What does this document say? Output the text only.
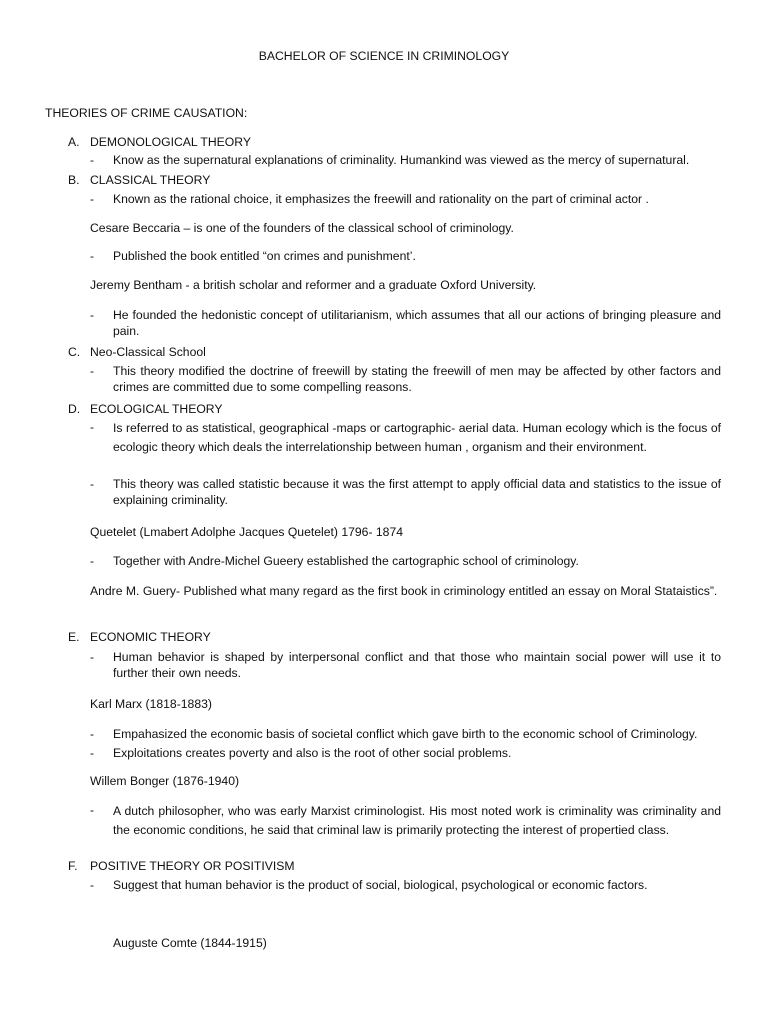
BACHELOR OF SCIENCE IN CRIMINOLOGY
THEORIES OF CRIME CAUSATION:
A. DEMONOLOGICAL THEORY
- Know as the supernatural explanations of criminality. Humankind was viewed as the mercy of supernatural.
B. CLASSICAL THEORY
- Known as the rational choice, it emphasizes the freewill and rationality on the part of criminal actor .
Cesare Beccaria – is one of the founders of the classical school of criminology.
- Published the book entitled “on crimes and punishment’.
Jeremy Bentham - a british scholar and reformer and a graduate Oxford University.
- He founded the hedonistic concept of utilitarianism, which assumes that all our actions of bringing pleasure and pain.
C. Neo-Classical School
- This theory modified the doctrine of freewill by stating the freewill of men may be affected by other factors and crimes are committed due to some compelling reasons.
D. ECOLOGICAL THEORY
- Is referred to as statistical, geographical -maps or cartographic- aerial data. Human ecology which is the focus of ecologic theory which deals the interrelationship between human , organism and their environment.
- This theory was called statistic because it was the first attempt to apply official data and statistics to the issue of explaining criminality.
Quetelet (Lmabert Adolphe Jacques Quetelet) 1796- 1874
- Together with Andre-Michel Gueery established the cartographic school of criminology.
Andre M. Guery- Published what many regard as the first book in criminology entitled an essay on Moral Stataistics”.
E. ECONOMIC THEORY
- Human behavior is shaped by interpersonal conflict and that those who maintain social power will use it to further their own needs.
Karl Marx (1818-1883)
- Empahasized the economic basis of societal conflict which gave birth to the economic school of Criminology.
- Exploitations creates poverty and also is the root of other social problems.
Willem Bonger (1876-1940)
- A dutch philosopher, who was early Marxist criminologist. His most noted work is criminality was criminality and the economic conditions, he said that criminal law is primarily protecting the interest of propertied class.
F. POSITIVE THEORY OR POSITIVISM
- Suggest that human behavior is the product of social, biological, psychological or economic factors.
Auguste Comte (1844-1915)
